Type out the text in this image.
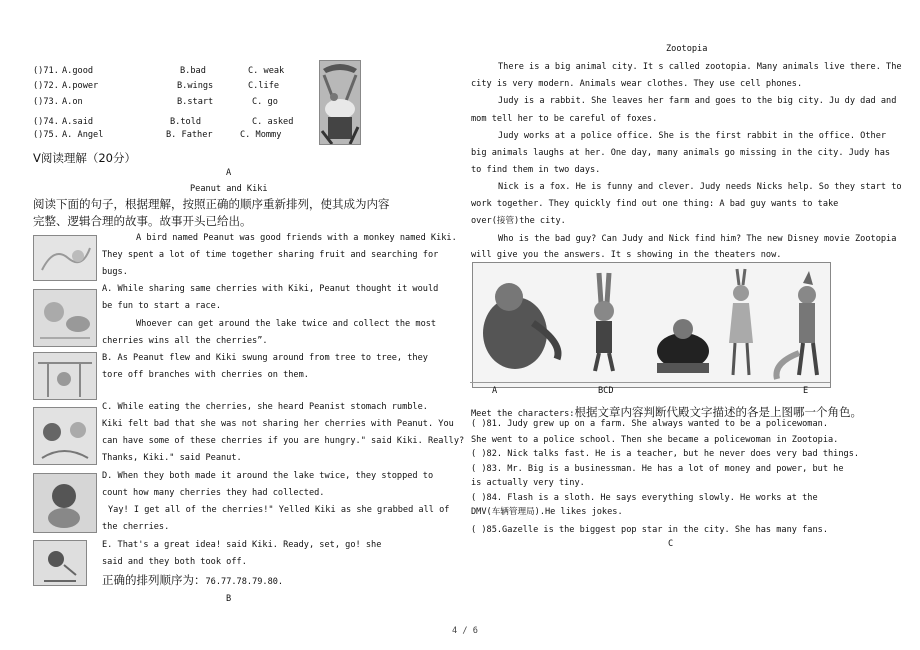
()71. A.good	B.bad	C. weak
()72. A.power	B.wings	C.life
()73. A.on	B.start	C. go
()74. A.said	B.told	C. asked
()75. A. Angel	B. Father	C. Mommy
V阅读理解（20分）
A
Peanut and Kiki
阅读下面的句子，根据理解，按照正确的顺序重新排列，使其成为内容
完整、逻辑合理的故事。故事开头已给出。
A bird named Peanut was good friends with a monkey named Kiki.
They spent a lot of time together sharing fruit and searching for
bugs.
A. While sharing same cherries with Kiki, Peanut thought it would
be fun to start a race.
Whoever can get around the lake twice and collect the most
cherries wins all the cherries”.
B. As Peanut flew and Kiki swung around from tree to tree, they
tore off branches with cherries on them.
C. While eating the cherries, she heard Peanist stomach rumble.
Kiki felt bad that she was not sharing her cherries with Peanut. You
can have some of these cherries if you are hungry." said Kiki. Really?
Thanks, Kiki." said Peanut.
D. When they both made it around the lake twice, they stopped to
count how many cherries they had collected.
Yay! I get all of the cherries!" Yelled Kiki as she grabbed all of
the cherries.
E. That's a great idea! said Kiki. Ready, set, go! she
said and they both took off.
正确的排列顺序为：76.77.78.79.80.
B
Zootopia
There is a big animal city. It s called zootopia. Many animals live there. The
city is very modern. Animals wear clothes. They use cell phones.
Judy is a rabbit. She leaves her farm and goes to the big city. Ju dy dad and
mom tell her to be careful of foxes.
Judy works at a police office. She is the first rabbit in the office. Other
big animals laughs at her. One day, many animals go missing in the city. Judy has
to find them in two days.
Nick is a fox. He is funny and clever. Judy needs Nicks help. So they start to
work together. They quickly find out one thing: A bad guy wants to take
over(接管)the city.
Who is the bad guy? Can Judy and Nick find him? The new Disney movie Zootopia
will give you the answers. It s showing in the theaters now.
A	BCD	E
Meet the characters:根据文章内容判断代殿文字描述的各是上图哪一个角色。
( )81. Judy grew up on a farm. She always wanted to be a policewoman.
She went to a police school. Then she became a policewoman in Zootopia.
( )82. Nick talks fast. He is a teacher, but he never does very bad things.
( )83. Mr. Big is a businessman. He has a lot of money and power, but he
is actually very tiny.
( )84. Flash is a sloth. He says everything slowly. He works at the
DMV(车辆管理局).He likes jokes.
( )85.Gazelle is the biggest pop star in the city. She has many fans.
C
4 / 6
